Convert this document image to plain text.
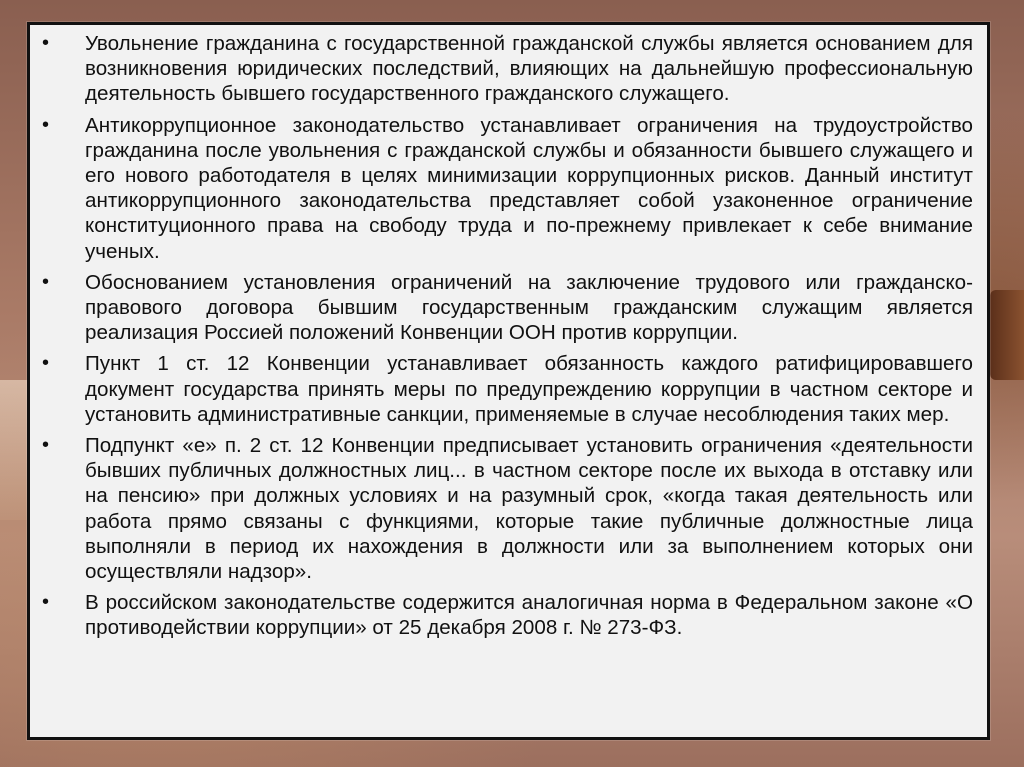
•	Увольнение гражданина с государственной гражданской службы является основанием для возникновения юридических последствий, влияющих на дальнейшую профессиональную деятельность бывшего государственного гражданского служащего.
•	Антикоррупционное законодательство устанавливает ограничения на трудоустройство гражданина после увольнения с гражданской службы и обязанности бывшего служащего и его нового работодателя в целях минимизации коррупционных рисков. Данный институт антикоррупционного законодательства представляет собой узаконенное ограничение конституционного права на свободу труда и по-прежнему привлекает к себе внимание ученых.
•	Обоснованием установления ограничений на заключение трудового или гражданско-правового договора бывшим государственным гражданским служащим является реализация Россией положений Конвенции ООН против коррупции.
•	Пункт 1 ст. 12 Конвенции устанавливает обязанность каждого ратифицировавшего документ государства принять меры по предупреждению коррупции в частном секторе и установить административные санкции, применяемые в случае несоблюдения таких мер.
•	Подпункт «е» п. 2 ст. 12 Конвенции предписывает установить ограничения «деятельности бывших публичных должностных лиц... в частном секторе после их выхода в отставку или на пенсию» при должных условиях и на разумный срок, «когда такая деятельность или работа прямо связаны с функциями, которые такие публичные должностные лица выполняли в период их нахождения в должности или за выполнением которых они осуществляли надзор».
•	В российском законодательстве содержится аналогичная норма в Федеральном законе «О противодействии коррупции» от 25 декабря 2008 г. № 273-ФЗ.
